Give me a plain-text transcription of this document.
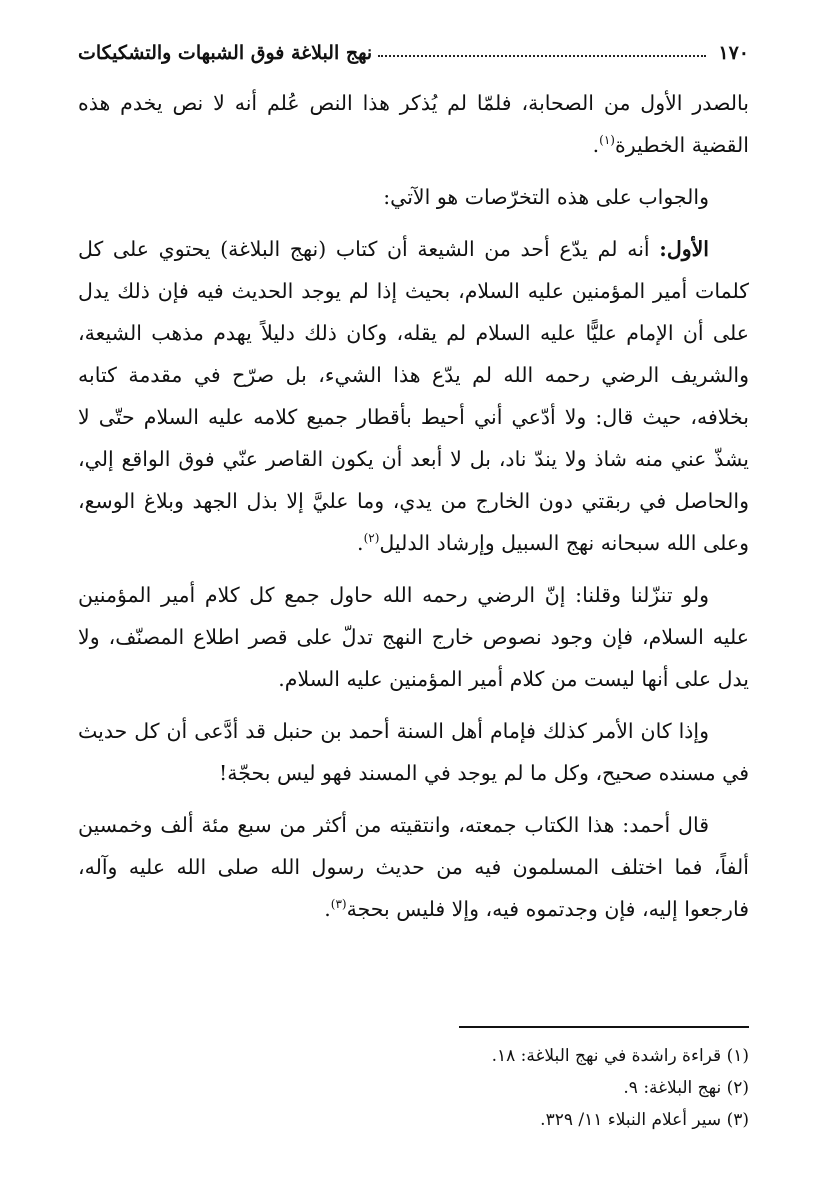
١٧٠
نهج البلاغة فوق الشبهات والتشكيكات

بالصدر الأول من الصحابة، فلمّا لم يُذكر هذا النص عُلم أنه لا نص يخدم هذه القضية الخطيرة$^{(١)}$.

والجواب على هذه التخرّصات هو الآتي:

الأول: أنه لم يدّع أحد من الشيعة أن كتاب (نهج البلاغة) يحتوي على كل كلمات أمير المؤمنين عليه السلام، بحيث إذا لم يوجد الحديث فيه فإن ذلك يدل على أن الإمام عليًّا عليه السلام لم يقله، وكان ذلك دليلاً يهدم مذهب الشيعة، والشريف الرضي رحمه الله لم يدّع هذا الشيء، بل صرّح في مقدمة كتابه بخلافه، حيث قال: ولا أدّعي أني أحيط بأقطار جميع كلامه عليه السلام حتّى لا يشذّ عني منه شاذ ولا يندّ ناد، بل لا أبعد أن يكون القاصر عنّي فوق الواقع إلي، والحاصل في ربقتي دون الخارج من يدي، وما عليَّ إلا بذل الجهد وبلاغ الوسع، وعلى الله سبحانه نهج السبيل وإرشاد الدليل$^{(٢)}$.

ولو تنزّلنا وقلنا: إنّ الرضي رحمه الله حاول جمع كل كلام أمير المؤمنين عليه السلام، فإن وجود نصوص خارج النهج تدلّ على قصر اطلاع المصنّف، ولا يدل على أنها ليست من كلام أمير المؤمنين عليه السلام.

وإذا كان الأمر كذلك فإمام أهل السنة أحمد بن حنبل قد أدَّعى أن كل حديث في مسنده صحيح، وكل ما لم يوجد في المسند فهو ليس بحجّة!

قال أحمد: هذا الكتاب جمعته، وانتقيته من أكثر من سبع مئة ألف وخمسين ألفاً، فما اختلف المسلمون فيه من حديث رسول الله صلى الله عليه وآله، فارجعوا إليه، فإن وجدتموه فيه، وإلا فليس بحجة$^{(٣)}$.

(١) قراءة راشدة في نهج البلاغة: ١٨.

(٢) نهج البلاغة: ٩.

(٣) سير أعلام النبلاء ١١/ ٣٢٩.
